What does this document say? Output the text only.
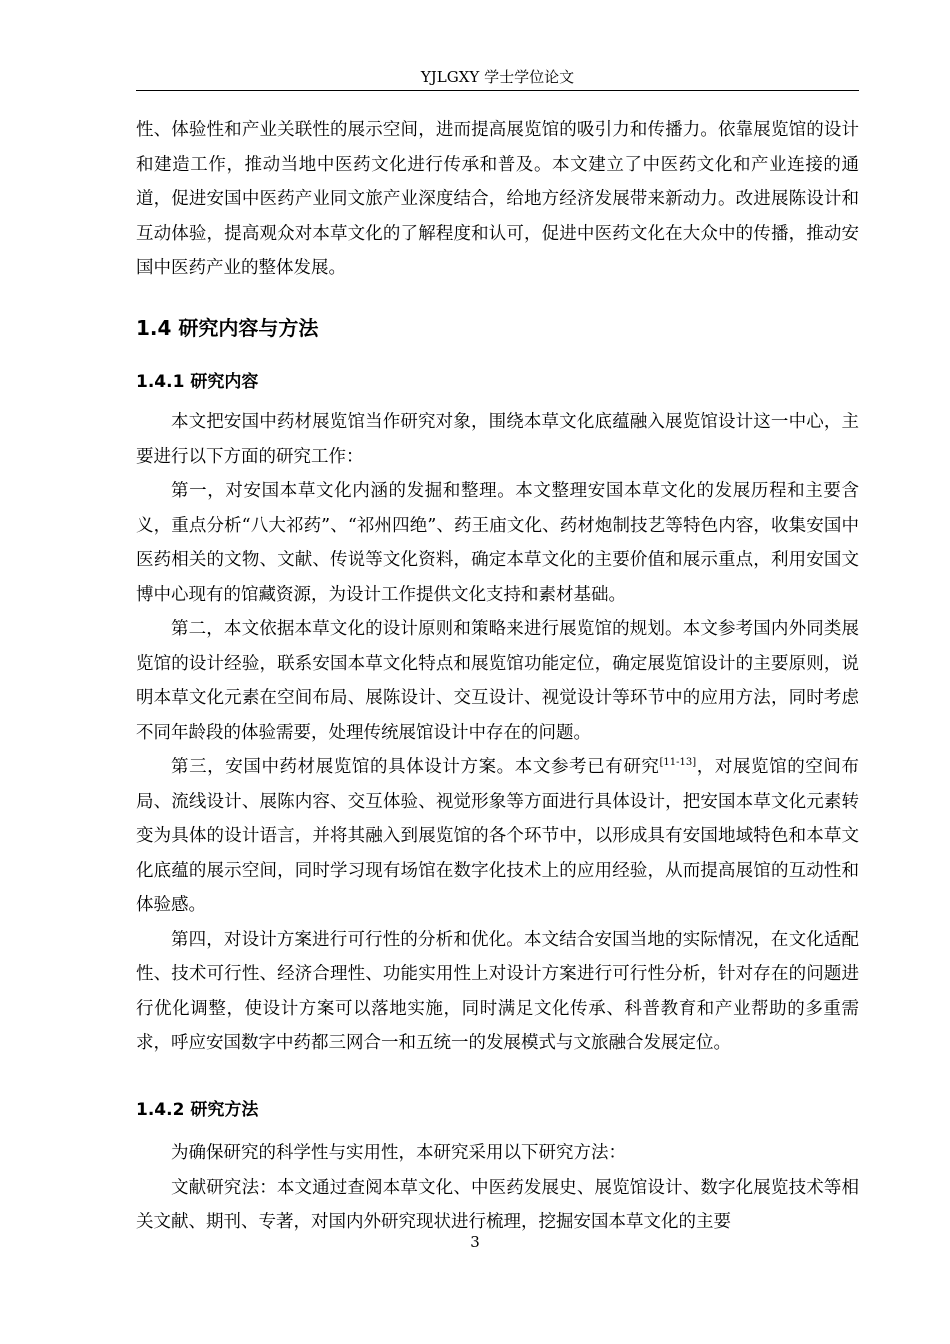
YJLGXY 学士学位论文

性、体验性和产业关联性的展示空间，进而提高展览馆的吸引力和传播力。依靠展览馆的设计和建造工作，推动当地中医药文化进行传承和普及。本文建立了中医药文化和产业连接的通道，促进安国中医药产业同文旅产业深度结合，给地方经济发展带来新动力。改进展陈设计和互动体验，提高观众对本草文化的了解程度和认可，促进中医药文化在大众中的传播，推动安国中医药产业的整体发展。

1.4 研究内容与方法
1.4.1 研究内容

本文把安国中药材展览馆当作研究对象，围绕本草文化底蕴融入展览馆设计这一中心，主要进行以下方面的研究工作：

第一，对安国本草文化内涵的发掘和整理。本文整理安国本草文化的发展历程和主要含义，重点分析“八大祁药”、“祁州四绝”、药王庙文化、药材炮制技艺等特色内容，收集安国中医药相关的文物、文献、传说等文化资料，确定本草文化的主要价值和展示重点，利用安国文博中心现有的馆藏资源，为设计工作提供文化支持和素材基础。

第二，本文依据本草文化的设计原则和策略来进行展览馆的规划。本文参考国内外同类展览馆的设计经验，联系安国本草文化特点和展览馆功能定位，确定展览馆设计的主要原则，说明本草文化元素在空间布局、展陈设计、交互设计、视觉设计等环节中的应用方法，同时考虑不同年龄段的体验需要，处理传统展馆设计中存在的问题。

第三，安国中药材展览馆的具体设计方案。本文参考已有研究[11-13]，对展览馆的空间布局、流线设计、展陈内容、交互体验、视觉形象等方面进行具体设计，把安国本草文化元素转变为具体的设计语言，并将其融入到展览馆的各个环节中，以形成具有安国地域特色和本草文化底蕴的展示空间，同时学习现有场馆在数字化技术上的应用经验，从而提高展馆的互动性和体验感。

第四，对设计方案进行可行性的分析和优化。本文结合安国当地的实际情况，在文化适配性、技术可行性、经济合理性、功能实用性上对设计方案进行可行性分析，针对存在的问题进行优化调整，使设计方案可以落地实施，同时满足文化传承、科普教育和产业帮助的多重需求，呼应安国数字中药都三网合一和五统一的发展模式与文旅融合发展定位。

1.4.2 研究方法

为确保研究的科学性与实用性，本研究采用以下研究方法：

文献研究法：本文通过查阅本草文化、中医药发展史、展览馆设计、数字化展览技术等相关文献、期刊、专著，对国内外研究现状进行梳理，挖掘安国本草文化的主要

3
